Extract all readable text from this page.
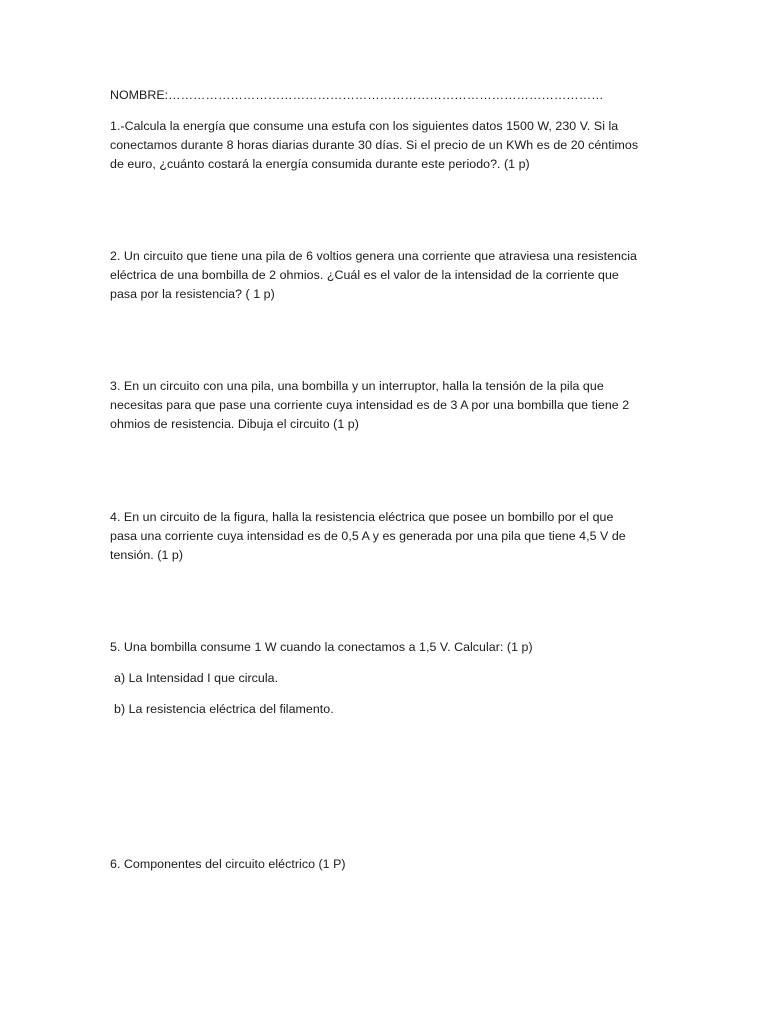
NOMBRE:……………………………………………………………………………………………
1.-Calcula la energía que consume una estufa con los siguientes datos 1500 W, 230 V. Si la
conectamos durante 8 horas diarias durante 30 días. Si el precio de un KWh es de 20 céntimos
de euro, ¿cuánto costará la energía consumida durante este periodo?. (1 p)
2. Un circuito que tiene una pila de 6 voltios genera una corriente que atraviesa una resistencia
eléctrica de una bombilla de 2 ohmios. ¿Cuál es el valor de la intensidad de la corriente que
pasa por la resistencia? ( 1 p)
3. En un circuito con una pila, una bombilla y un interruptor, halla la tensión de la pila que
necesitas para que pase una corriente cuya intensidad es de 3 A por una bombilla que tiene 2
ohmios de resistencia. Dibuja el circuito (1 p)
4. En un circuito de la figura, halla la resistencia eléctrica que posee un bombillo por el que
pasa una corriente cuya intensidad es de 0,5 A y es generada por una pila que tiene 4,5 V de
tensión. (1 p)
5. Una bombilla consume 1 W cuando la conectamos a 1,5 V. Calcular: (1 p)
a) La Intensidad I que circula.
b) La resistencia eléctrica del filamento.
6. Componentes del circuito eléctrico (1 P)
